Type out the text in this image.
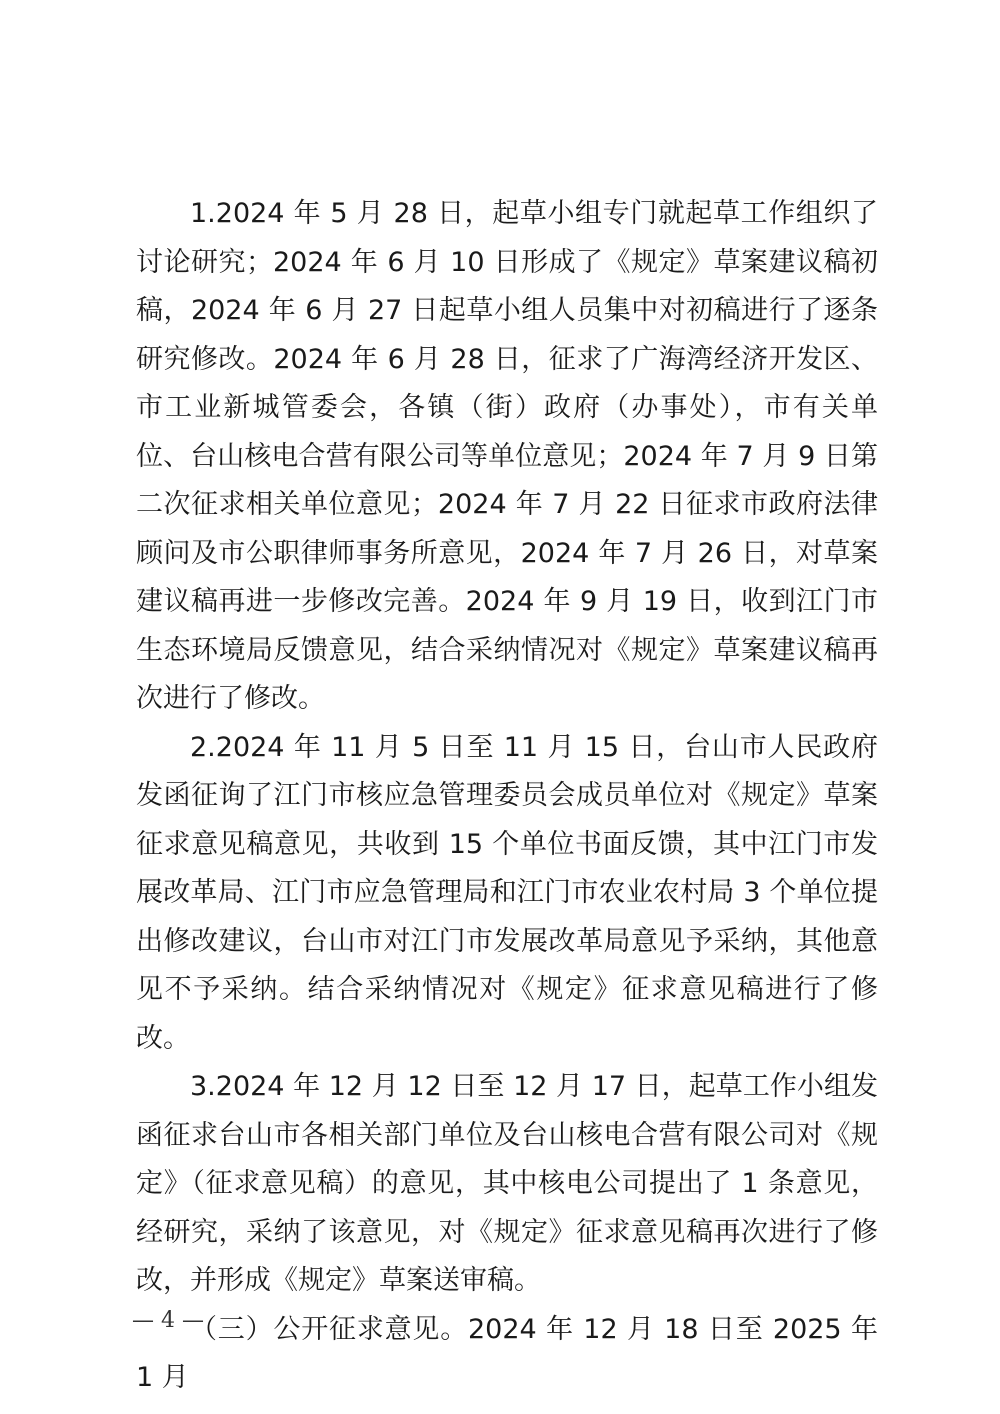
1.2024 年 5 月 28 日，起草小组专门就起草工作组织了讨论研究；2024 年 6 月 10 日形成了《规定》草案建议稿初稿，2024 年 6 月 27 日起草小组人员集中对初稿进行了逐条研究修改。2024 年 6 月 28 日，征求了广海湾经济开发区、市工业新城管委会，各镇（街）政府（办事处），市有关单位、台山核电合营有限公司等单位意见；2024 年 7 月 9 日第二次征求相关单位意见；2024 年 7 月 22 日征求市政府法律顾问及市公职律师事务所意见，2024 年 7 月 26 日，对草案建议稿再进一步修改完善。2024 年 9 月 19 日，收到江门市生态环境局反馈意见，结合采纳情况对《规定》草案建议稿再次进行了修改。

2.2024 年 11 月 5 日至 11 月 15 日，台山市人民政府发函征询了江门市核应急管理委员会成员单位对《规定》草案征求意见稿意见，共收到 15 个单位书面反馈，其中江门市发展改革局、江门市应急管理局和江门市农业农村局 3 个单位提出修改建议，台山市对江门市发展改革局意见予采纳，其他意见不予采纳。结合采纳情况对《规定》征求意见稿进行了修改。

3.2024 年 12 月 12 日至 12 月 17 日，起草工作小组发函征求台山市各相关部门单位及台山核电合营有限公司对《规定》（征求意见稿）的意见，其中核电公司提出了 1 条意见，经研究，采纳了该意见，对《规定》征求意见稿再次进行了修改，并形成《规定》草案送审稿。

（三）公开征求意见。2024 年 12 月 18 日至 2025 年 1 月

— 4 —
